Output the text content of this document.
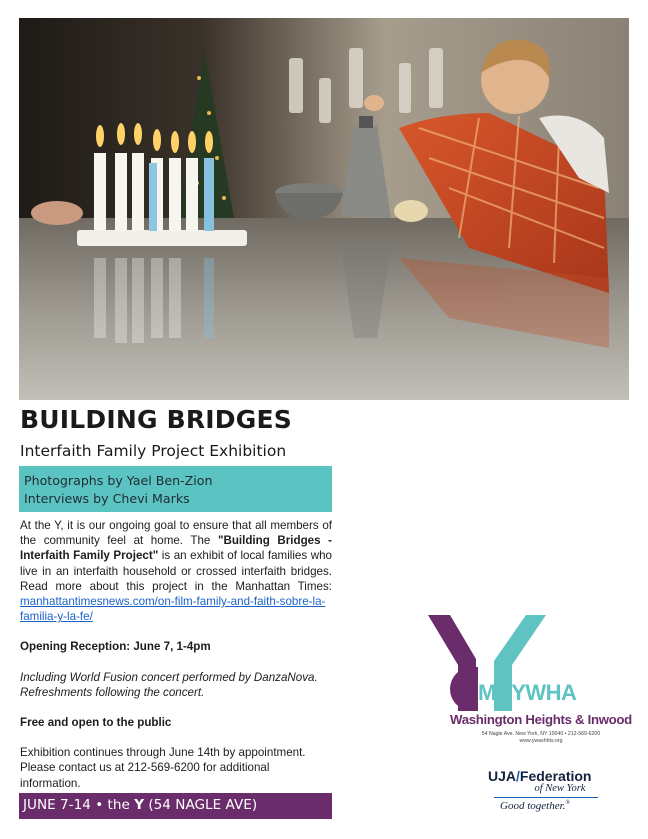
BUILDING BRIDGES
Interfaith Family Project Exhibition
Photographs by Yael Ben-Zion
Interviews by Chevi Marks

At the Y, it is our ongoing goal to ensure that all members of the community feel at home. The "Building Bridges - Interfaith Family Project" is an exhibit of local families who live in an interfaith household or crossed interfaith bridges. Read more about this project in the Manhattan Times: manhattantimesnews.com/on-film-family-and-faith-sobre-la-familia-y-la-fe/

Opening Reception: June 7, 1-4pm

Including World Fusion concert performed by DanzaNova.

Refreshments following the concert.

Free and open to the public

Exhibition continues through June 14th by appointment.

Please contact us at 212-569-6200 for additional information.

JUNE 7-14 • the Y (54 NAGLE AVE)
M&YWHA
Washington Heights & Inwood
54 Nagle Ave. New York, NY 10040 • 212-569-6200
www.ywashhts.org
UJA/Federation
of New York
Good together.®
